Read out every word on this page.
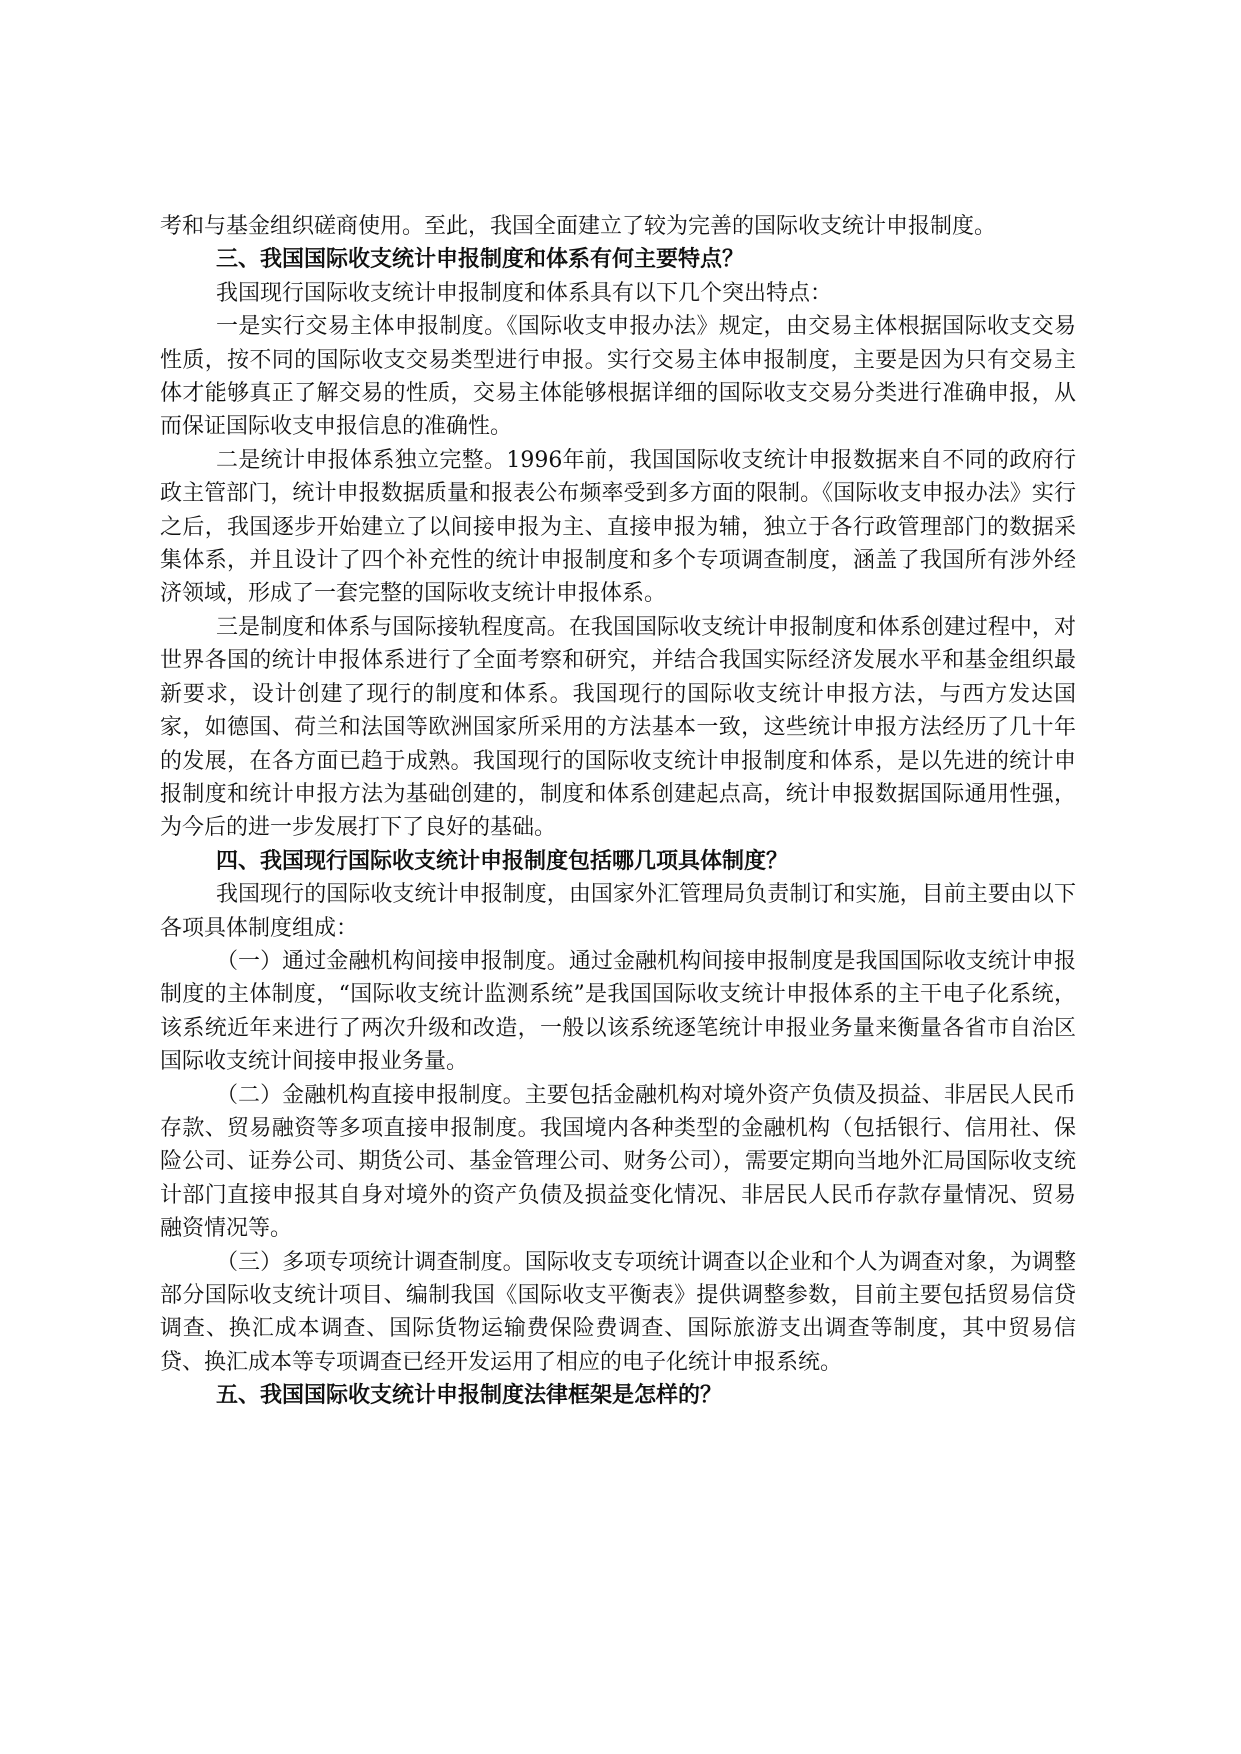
考和与基金组织磋商使用。至此，我国全面建立了较为完善的国际收支统计申报制度。

三、我国国际收支统计申报制度和体系有何主要特点？

我国现行国际收支统计申报制度和体系具有以下几个突出特点：

一是实行交易主体申报制度。《国际收支申报办法》规定，由交易主体根据国际收支交易性质，按不同的国际收支交易类型进行申报。实行交易主体申报制度，主要是因为只有交易主体才能够真正了解交易的性质，交易主体能够根据详细的国际收支交易分类进行准确申报，从而保证国际收支申报信息的准确性。

二是统计申报体系独立完整。1996年前，我国国际收支统计申报数据来自不同的政府行政主管部门，统计申报数据质量和报表公布频率受到多方面的限制。《国际收支申报办法》实行之后，我国逐步开始建立了以间接申报为主、直接申报为辅，独立于各行政管理部门的数据采集体系，并且设计了四个补充性的统计申报制度和多个专项调查制度，涵盖了我国所有涉外经济领域，形成了一套完整的国际收支统计申报体系。

三是制度和体系与国际接轨程度高。在我国国际收支统计申报制度和体系创建过程中，对世界各国的统计申报体系进行了全面考察和研究，并结合我国实际经济发展水平和基金组织最新要求，设计创建了现行的制度和体系。我国现行的国际收支统计申报方法，与西方发达国家，如德国、荷兰和法国等欧洲国家所采用的方法基本一致，这些统计申报方法经历了几十年的发展，在各方面已趋于成熟。我国现行的国际收支统计申报制度和体系，是以先进的统计申报制度和统计申报方法为基础创建的，制度和体系创建起点高，统计申报数据国际通用性强，为今后的进一步发展打下了良好的基础。

四、我国现行国际收支统计申报制度包括哪几项具体制度？

我国现行的国际收支统计申报制度，由国家外汇管理局负责制订和实施，目前主要由以下各项具体制度组成：

（一）通过金融机构间接申报制度。通过金融机构间接申报制度是我国国际收支统计申报制度的主体制度，“国际收支统计监测系统”是我国国际收支统计申报体系的主干电子化系统，该系统近年来进行了两次升级和改造，一般以该系统逐笔统计申报业务量来衡量各省市自治区国际收支统计间接申报业务量。

（二）金融机构直接申报制度。主要包括金融机构对境外资产负债及损益、非居民人民币存款、贸易融资等多项直接申报制度。我国境内各种类型的金融机构（包括银行、信用社、保险公司、证券公司、期货公司、基金管理公司、财务公司），需要定期向当地外汇局国际收支统计部门直接申报其自身对境外的资产负债及损益变化情况、非居民人民币存款存量情况、贸易融资情况等。

（三）多项专项统计调查制度。国际收支专项统计调查以企业和个人为调查对象，为调整部分国际收支统计项目、编制我国《国际收支平衡表》提供调整参数，目前主要包括贸易信贷调查、换汇成本调查、国际货物运输费保险费调查、国际旅游支出调查等制度，其中贸易信贷、换汇成本等专项调查已经开发运用了相应的电子化统计申报系统。

五、我国国际收支统计申报制度法律框架是怎样的？
